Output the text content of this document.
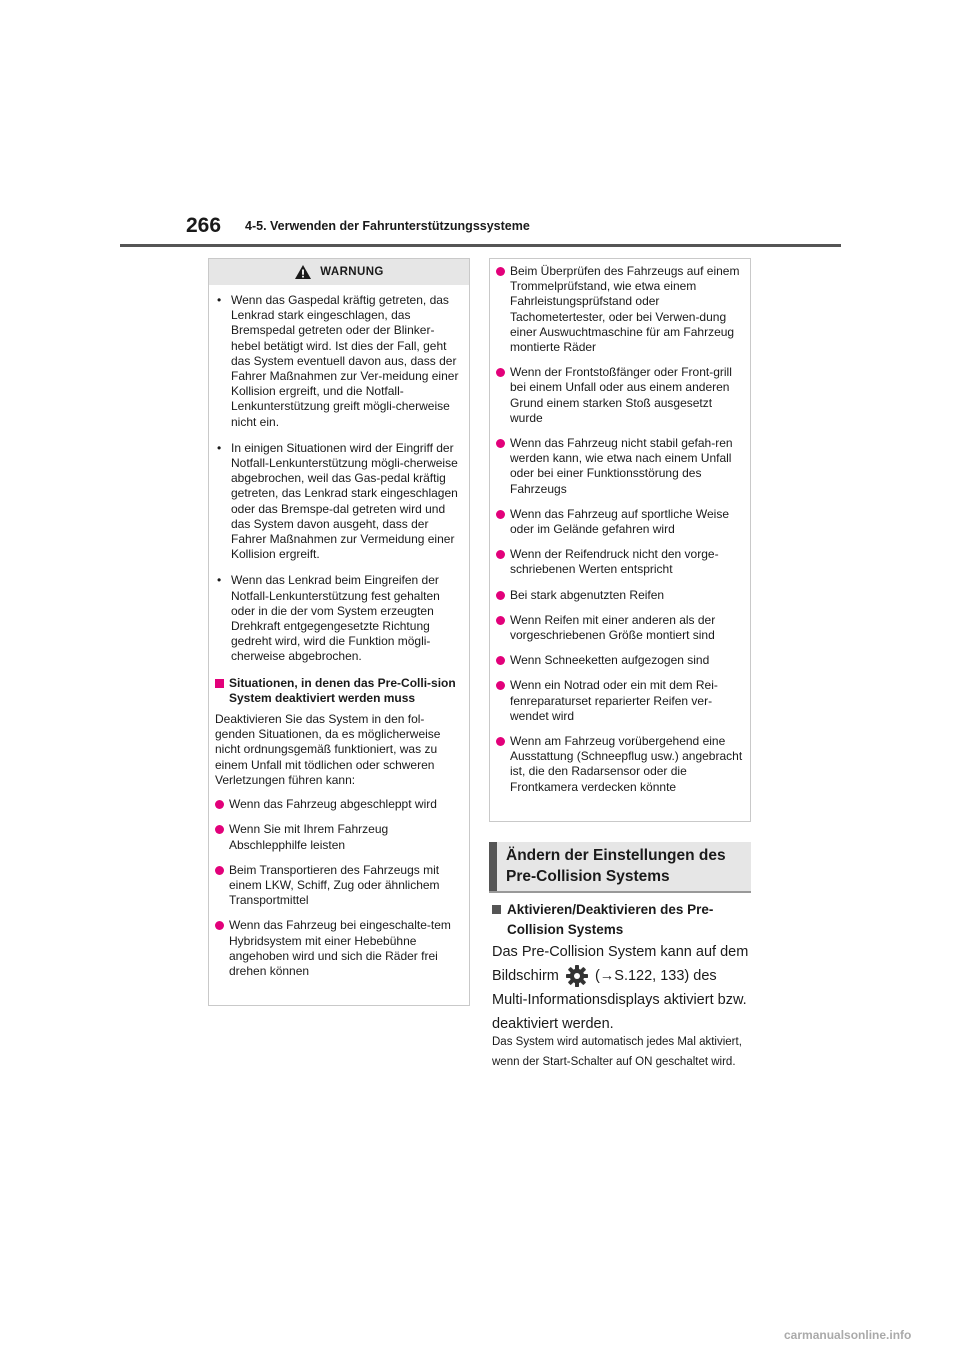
266 4-5. Verwenden der Fahrunterstützungssysteme
WARNUNG
• Wenn das Gaspedal kräftig getreten, das Lenkrad stark eingeschlagen, das Bremspedal getreten oder der Blinker-hebel betätigt wird. Ist dies der Fall, geht das System eventuell davon aus, dass der Fahrer Maßnahmen zur Ver-meidung einer Kollision ergreift, und die Notfall-Lenkunterstützung greift mögli-cherweise nicht ein.
• In einigen Situationen wird der Eingriff der Notfall-Lenkunterstützung mögli-cherweise abgebrochen, weil das Gas-pedal kräftig getreten, das Lenkrad stark eingeschlagen oder das Bremspe-dal getreten wird und das System davon ausgeht, dass der Fahrer Maßnahmen zur Vermeidung einer Kollision ergreift.
• Wenn das Lenkrad beim Eingreifen der Notfall-Lenkunterstützung fest gehalten oder in die der vom System erzeugten Drehkraft entgegengesetzte Richtung gedreht wird, wird die Funktion mögli-cherweise abgebrochen.
Situationen, in denen das Pre-Colli-sion System deaktiviert werden muss
Deaktivieren Sie das System in den fol-genden Situationen, da es möglicherweise nicht ordnungsgemäß funktioniert, was zu einem Unfall mit tödlichen oder schweren Verletzungen führen kann:
Wenn das Fahrzeug abgeschleppt wird
Wenn Sie mit Ihrem Fahrzeug Abschlepphilfe leisten
Beim Transportieren des Fahrzeugs mit einem LKW, Schiff, Zug oder ähnlichem Transportmittel
Wenn das Fahrzeug bei eingeschalte-tem Hybridsystem mit einer Hebebühne angehoben wird und sich die Räder frei drehen können
Beim Überprüfen des Fahrzeugs auf einem Trommelprüfstand, wie etwa einem Fahrleistungsprüfstand oder Tachometertester, oder bei Verwen-dung einer Auswuchtmaschine für am Fahrzeug montierte Räder
Wenn der Frontstoßfänger oder Front-grill bei einem Unfall oder aus einem anderen Grund einem starken Stoß ausgesetzt wurde
Wenn das Fahrzeug nicht stabil gefah-ren werden kann, wie etwa nach einem Unfall oder bei einer Funktionsstörung des Fahrzeugs
Wenn das Fahrzeug auf sportliche Weise oder im Gelände gefahren wird
Wenn der Reifendruck nicht den vorge-schriebenen Werten entspricht
Bei stark abgenutzten Reifen
Wenn Reifen mit einer anderen als der vorgeschriebenen Größe montiert sind
Wenn Schneeketten aufgezogen sind
Wenn ein Notrad oder ein mit dem Rei-fenreparaturset reparierter Reifen ver-wendet wird
Wenn am Fahrzeug vorübergehend eine Ausstattung (Schneepflug usw.) angebracht ist, die den Radarsensor oder die Frontkamera verdecken könnte
Ändern der Einstellungen des
Pre-Collision Systems
Aktivieren/Deaktivieren des Pre-Collision Systems
Das Pre-Collision System kann auf dem Bildschirm (→S.122, 133) des Multi-Informationsdisplays aktiviert bzw. deaktiviert werden.
Das System wird automatisch jedes Mal aktiviert, wenn der Start-Schalter auf ON geschaltet wird.
carmanualsonline.info
